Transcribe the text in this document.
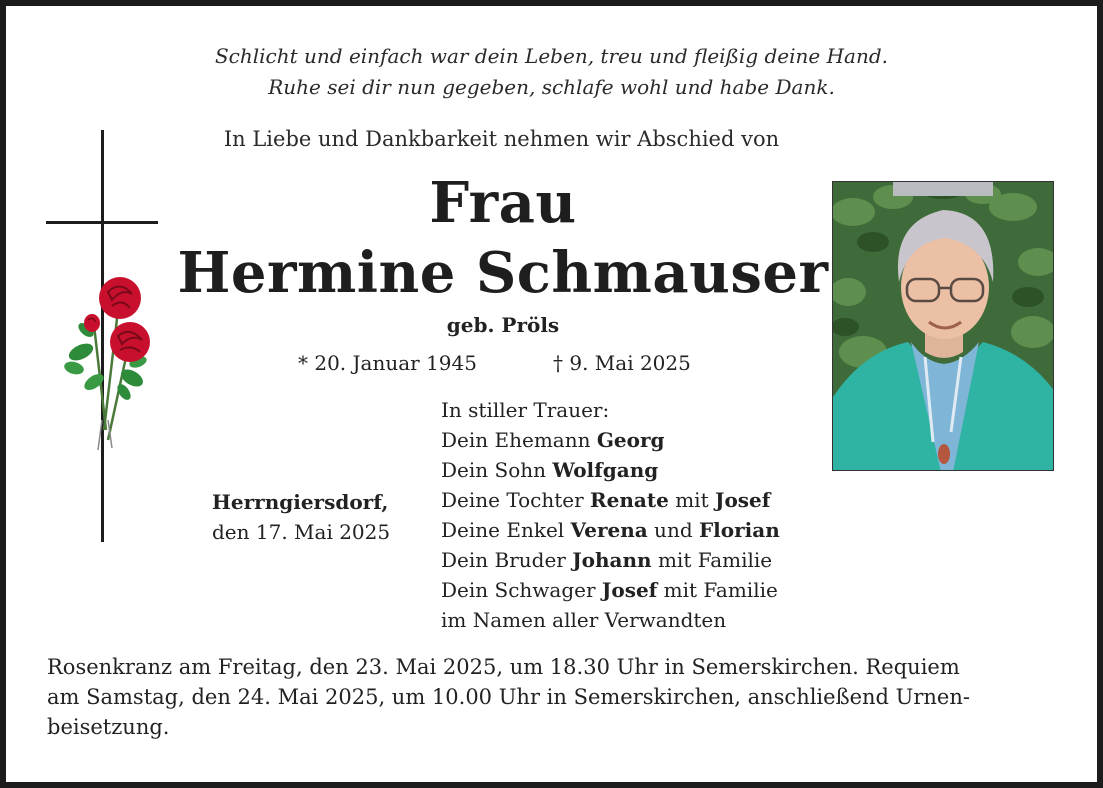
Schlicht und einfach war dein Leben, treu und fleißig deine Hand.
Ruhe sei dir nun gegeben, schlafe wohl und habe Dank.
In Liebe und Dankbarkeit nehmen wir Abschied von
Frau
Hermine Schmauser
geb. Pröls
* 20. Januar 1945	† 9. Mai 2025
Herrngiersdorf,
den 17. Mai 2025
In stiller Trauer:
Dein Ehemann Georg
Dein Sohn Wolfgang
Deine Tochter Renate mit Josef
Deine Enkel Verena und Florian
Dein Bruder Johann mit Familie
Dein Schwager Josef mit Familie
im Namen aller Verwandten
Rosenkranz am Freitag, den 23. Mai 2025, um 18.30 Uhr in Semerskirchen. Requiem
am Samstag, den 24. Mai 2025, um 10.00 Uhr in Semerskirchen, anschließend Urnen-
beisetzung.
